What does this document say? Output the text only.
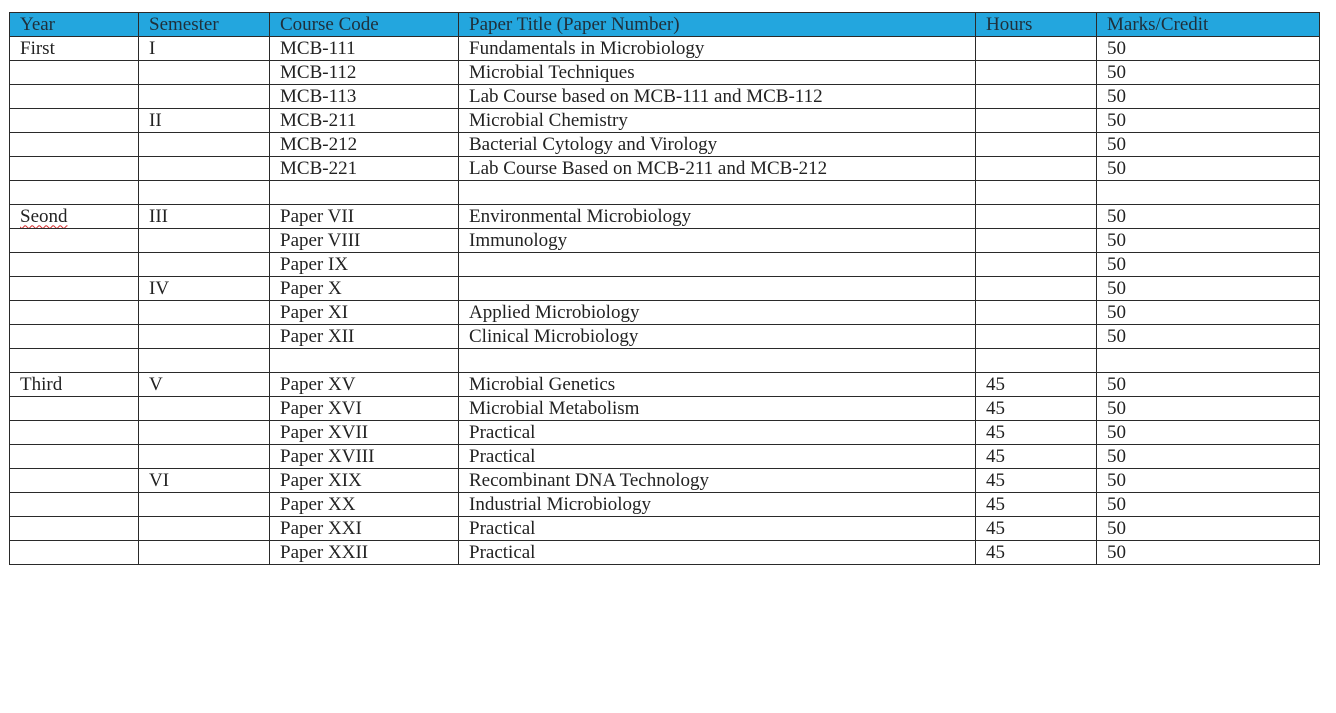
Year	Semester	Course Code	Paper Title (Paper Number)	Hours	Marks/Credit
First	I	MCB-111	Fundamentals in Microbiology		50
		MCB-112	Microbial Techniques		50
		MCB-113	Lab Course based on MCB-111 and MCB-112		50
	II	MCB-211	Microbial Chemistry		50
		MCB-212	Bacterial Cytology and Virology		50
		MCB-221	Lab Course Based on MCB-211 and MCB-212		50

Seond	III	Paper VII	Environmental Microbiology		50
		Paper VIII	Immunology		50
		Paper IX			50
	IV	Paper X			50
		Paper XI	Applied Microbiology		50
		Paper XII	Clinical Microbiology		50

Third	V	Paper XV	Microbial Genetics	45	50
		Paper XVI	Microbial Metabolism	45	50
		Paper XVII	Practical	45	50
		Paper XVIII	Practical	45	50
	VI	Paper XIX	Recombinant DNA Technology	45	50
		Paper XX	Industrial Microbiology	45	50
		Paper XXI	Practical	45	50
		Paper XXII	Practical	45	50
